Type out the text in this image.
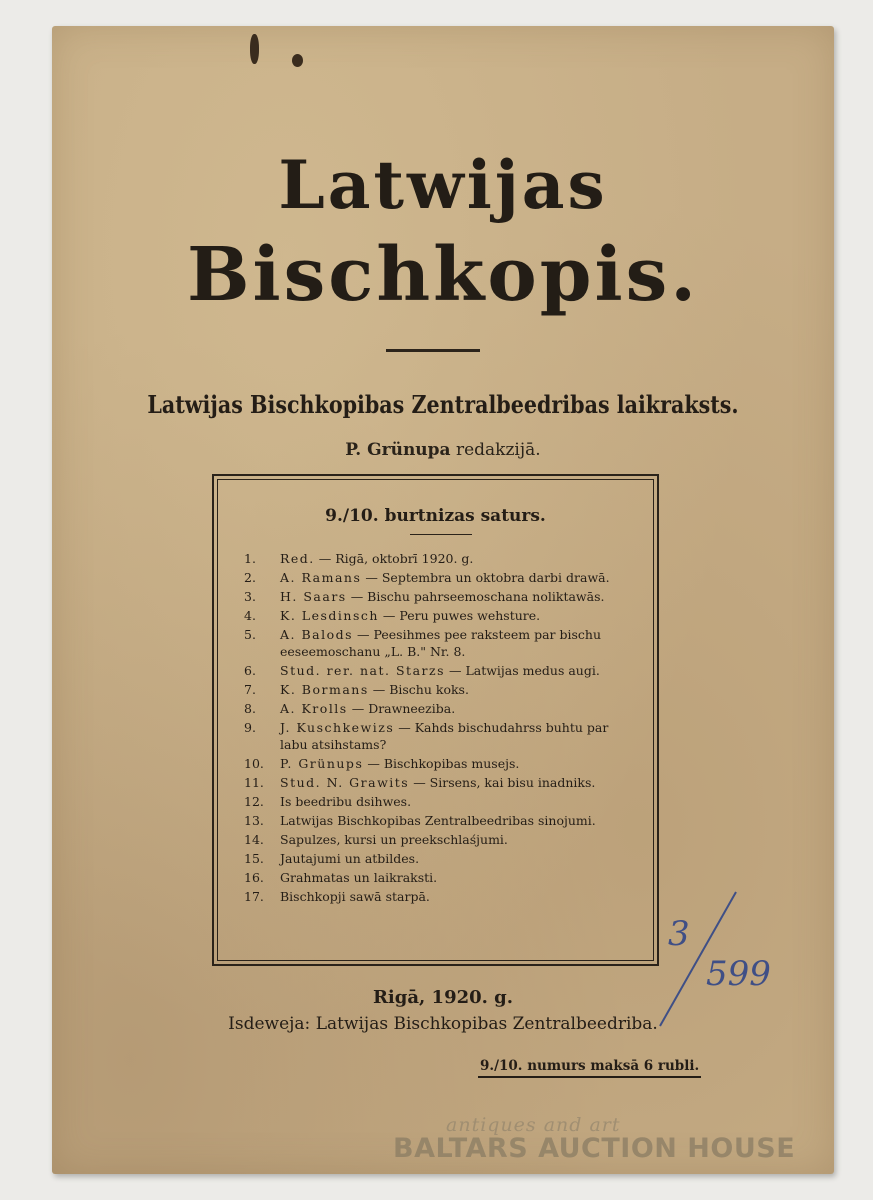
Latwijas
Bischkopis.
Latwijas Bischkopibas Zentralbeedribas laikraksts.
P. Grünupa redakzijā.
9./10. burtnizas saturs.
1.	Red. — Rigā, oktobrī 1920. g.
2.	A. Ramans — Septembra un oktobra darbi drawā.
3.	H. Saars — Bischu pahrseemoschana noliktawās.
4.	K. Lesdinsch — Peru puwes wehsture.
5.	A. Balods — Peesihmes pee raksteem par bischu eeseemoschanu „L. B." Nr. 8.
6.	Stud. rer. nat. Starzs — Latwijas medus augi.
7.	K. Bormans — Bischu koks.
8.	A. Krolls — Drawneeziba.
9.	J. Kuschkewizs — Kahds bischudahrss buhtu par labu atsihstams?
10.	P. Grünups — Bischkopibas musejs.
11.	Stud. N. Grawits — Sirsens, kai bisu inadniks.
12.	Is beedribu dsihwes.
13.	Latwijas Bischkopibas Zentralbeedribas sinojumi.
14.	Sapulzes, kursi un preekschlaśjumi.
15.	Jautajumi un atbildes.
16.	Grahmatas un laikraksti.
17.	Bischkopji sawā starpā.
Rigā, 1920. g.
Isdeweja: Latwijas Bischkopibas Zentralbeedriba.
9./10. numurs maksā 6 rubli.
3
599
antiques and art
BALTARS AUCTION HOUSE
